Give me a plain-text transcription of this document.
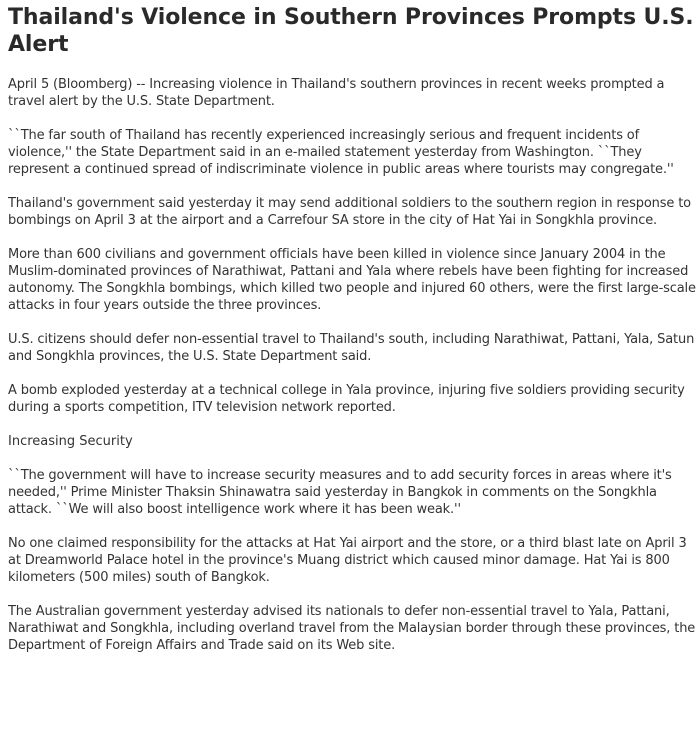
Thailand's Violence in Southern Provinces Prompts U.S. Alert

April 5 (Bloomberg) -- Increasing violence in Thailand's southern provinces in recent weeks prompted a travel alert by the U.S. State Department.

``The far south of Thailand has recently experienced increasingly serious and frequent incidents of violence,'' the State Department said in an e-mailed statement yesterday from Washington. ``They represent a continued spread of indiscriminate violence in public areas where tourists may congregate.''

Thailand's government said yesterday it may send additional soldiers to the southern region in response to bombings on April 3 at the airport and a Carrefour SA store in the city of Hat Yai in Songkhla province.

More than 600 civilians and government officials have been killed in violence since January 2004 in the Muslim-dominated provinces of Narathiwat, Pattani and Yala where rebels have been fighting for increased autonomy. The Songkhla bombings, which killed two people and injured 60 others, were the first large-scale attacks in four years outside the three provinces.

U.S. citizens should defer non-essential travel to Thailand's south, including Narathiwat, Pattani, Yala, Satun and Songkhla provinces, the U.S. State Department said.

A bomb exploded yesterday at a technical college in Yala province, injuring five soldiers providing security during a sports competition, ITV television network reported.

Increasing Security

``The government will have to increase security measures and to add security forces in areas where it's needed,'' Prime Minister Thaksin Shinawatra said yesterday in Bangkok in comments on the Songkhla attack. ``We will also boost intelligence work where it has been weak.''

No one claimed responsibility for the attacks at Hat Yai airport and the store, or a third blast late on April 3 at Dreamworld Palace hotel in the province's Muang district which caused minor damage. Hat Yai is 800 kilometers (500 miles) south of Bangkok.

The Australian government yesterday advised its nationals to defer non-essential travel to Yala, Pattani, Narathiwat and Songkhla, including overland travel from the Malaysian border through these provinces, the Department of Foreign Affairs and Trade said on its Web site.
